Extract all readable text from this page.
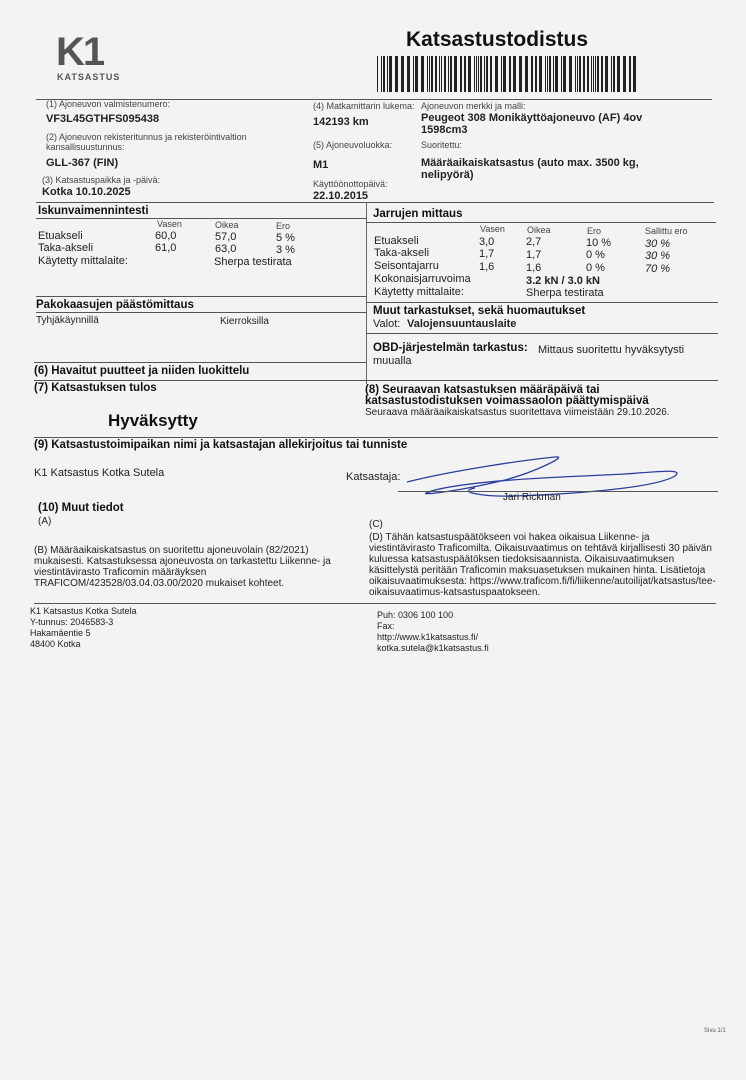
K1
KATSASTUS
Katsastustodistus
(1) Ajoneuvon valmistenumero:
VF3L45GTHFS095438
(4) Matkamittarin lukema:
142193 km
Ajoneuvon merkki ja malli:
Peugeot 308 Monikäyttöajoneuvo (AF) 4ov
1598cm3
(2) Ajoneuvon rekisteritunnus ja rekisteröintivaltion
kansallisuustunnus:
GLL-367 (FIN)
(5) Ajoneuvoluokka:
M1
Suoritettu:
Määräaikaiskatsastus (auto max. 3500 kg,
nelipyörä)
(3) Katsastuspaikka ja -päivä:
Kotka 10.10.2025
Käyttöönottopäivä:
22.10.2015
Iskunvaimennintesti
Vasen	Oikea	Ero
Etuakseli	60,0	57,0	5 %
Taka-akseli	61,0	63,0	3 %
Käytetty mittalaite:	Sherpa testirata
Jarrujen mittaus
Vasen Oikea	Ero	Sallittu ero
Etuakseli	3,0	2,7	10 %	30 %
Taka-akseli	1,7	1,7	0 %	30 %
Seisontajarru	1,6	1,6	0 %	70 %
Kokonaisjarruvoima	3.2 kN / 3.0 kN
Käytetty mittalaite:	Sherpa testirata
Pakokaasujen päästömittaus
Tyhjäkäynnillä	Kierroksilla
Muut tarkastukset, sekä huomautukset
Valot: Valojensuuntauslaite
OBD-järjestelmän tarkastus: Mittaus suoritettu hyväksytysti
muualla
(6) Havaitut puutteet ja niiden luokittelu
(7) Katsastuksen tulos
Hyväksytty
(8) Seuraavan katsastuksen määräpäivä tai
katsastustodistuksen voimassaolon päättymispäivä
Seuraava määräaikaiskatsastus suoritettava viimeistään 29.10.2026.
(9) Katsastustoimipaikan nimi ja katsastajan allekirjoitus tai tunniste
K1 Katsastus Kotka Sutela	Katsastaja:
Jari Rickman
(10) Muut tiedot
(A)
(B) Määräaikaiskatsastus on suoritettu ajoneuvolain (82/2021) mukaisesti. Katsastuksessa ajoneuvosta on tarkastettu Liikenne- ja viestintävirasto Traficomin määräyksen TRAFICOM/423528/03.04.03.00/2020 mukaiset kohteet.
(C)
(D) Tähän katsastuspäätökseen voi hakea oikaisua Liikenne- ja viestintävirasto Traficomilta. Oikaisuvaatimus on tehtävä kirjallisesti 30 päivän kuluessa katsastuspäätöksen tiedoksisaannista. Oikaisuvaatimuksen käsittelystä peritään Traficomin maksuasetuksen mukainen hinta. Lisätietoja oikaisuvaatimuksesta: https://www.traficom.fi/fi/liikenne/autoilijat/katsastus/tee-oikaisuvaatimus-katsastuspaatokseen.
K1 Katsastus Kotka Sutela
Y-tunnus: 2046583-3
Hakamäentie 5
48400 Kotka
Puh: 0306 100 100
Fax:
http://www.k1katsastus.fi/
kotka.sutela@k1katsastus.fi
Sivu 1/1
